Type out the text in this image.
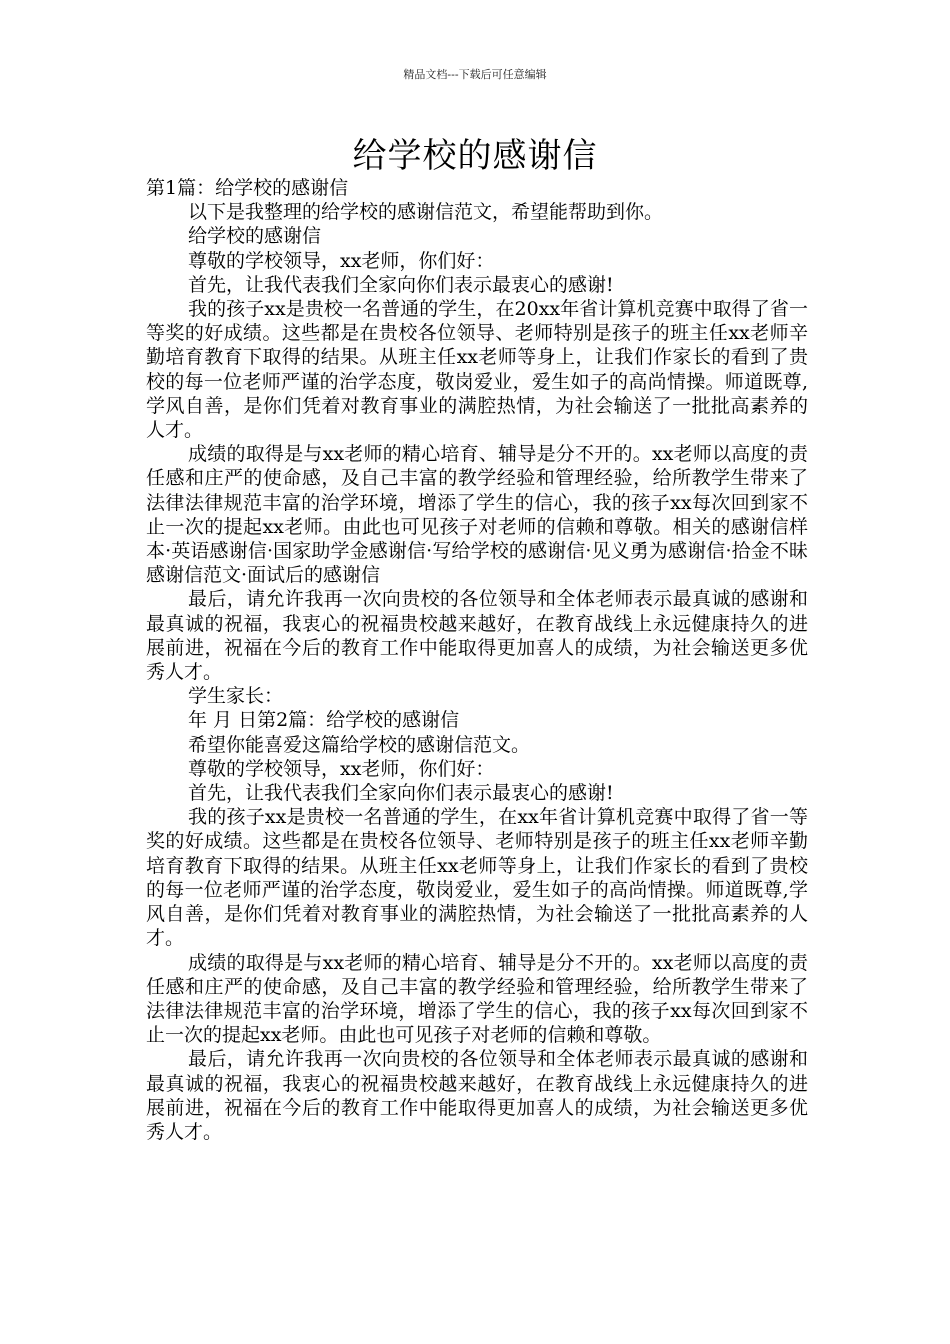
精品文档---下载后可任意编辑
给学校的感谢信

第1篇：给学校的感谢信

以下是我整理的给学校的感谢信范文，希望能帮助到你。

给学校的感谢信

尊敬的学校领导，xx老师，你们好：

首先，让我代表我们全家向你们表示最衷心的感谢!

我的孩子xx是贵校一名普通的学生，在20xx年省计算机竞赛中取得了省一等奖的好成绩。这些都是在贵校各位领导、老师特别是孩子的班主任xx老师辛勤培育教育下取得的结果。从班主任xx老师等身上，让我们作家长的看到了贵校的每一位老师严谨的治学态度，敬岗爱业，爱生如子的高尚情操。师道既尊,学风自善，是你们凭着对教育事业的满腔热情，为社会输送了一批批高素养的人才。

成绩的取得是与xx老师的精心培育、辅导是分不开的。xx老师以高度的责任感和庄严的使命感，及自己丰富的教学经验和管理经验，给所教学生带来了法律法律规范丰富的治学环境，增添了学生的信心，我的孩子xx每次回到家不止一次的提起xx老师。由此也可见孩子对老师的信赖和尊敬。相关的感谢信样本·英语感谢信·国家助学金感谢信·写给学校的感谢信·见义勇为感谢信·拾金不昧感谢信范文·面试后的感谢信

最后，请允许我再一次向贵校的各位领导和全体老师表示最真诚的感谢和最真诚的祝福，我衷心的祝福贵校越来越好，在教育战线上永远健康持久的进展前进，祝福在今后的教育工作中能取得更加喜人的成绩，为社会输送更多优秀人才。

学生家长：

年 月 日第2篇：给学校的感谢信

希望你能喜爱这篇给学校的感谢信范文。

尊敬的学校领导，xx老师，你们好：

首先，让我代表我们全家向你们表示最衷心的感谢!

我的孩子xx是贵校一名普通的学生，在xx年省计算机竞赛中取得了省一等奖的好成绩。这些都是在贵校各位领导、老师特别是孩子的班主任xx老师辛勤培育教育下取得的结果。从班主任xx老师等身上，让我们作家长的看到了贵校的每一位老师严谨的治学态度，敬岗爱业，爱生如子的高尚情操。师道既尊,学风自善，是你们凭着对教育事业的满腔热情，为社会输送了一批批高素养的人才。

成绩的取得是与xx老师的精心培育、辅导是分不开的。xx老师以高度的责任感和庄严的使命感，及自己丰富的教学经验和管理经验，给所教学生带来了法律法律规范丰富的治学环境，增添了学生的信心，我的孩子xx每次回到家不止一次的提起xx老师。由此也可见孩子对老师的信赖和尊敬。

最后，请允许我再一次向贵校的各位领导和全体老师表示最真诚的感谢和最真诚的祝福，我衷心的祝福贵校越来越好，在教育战线上永远健康持久的进展前进，祝福在今后的教育工作中能取得更加喜人的成绩，为社会输送更多优秀人才。
